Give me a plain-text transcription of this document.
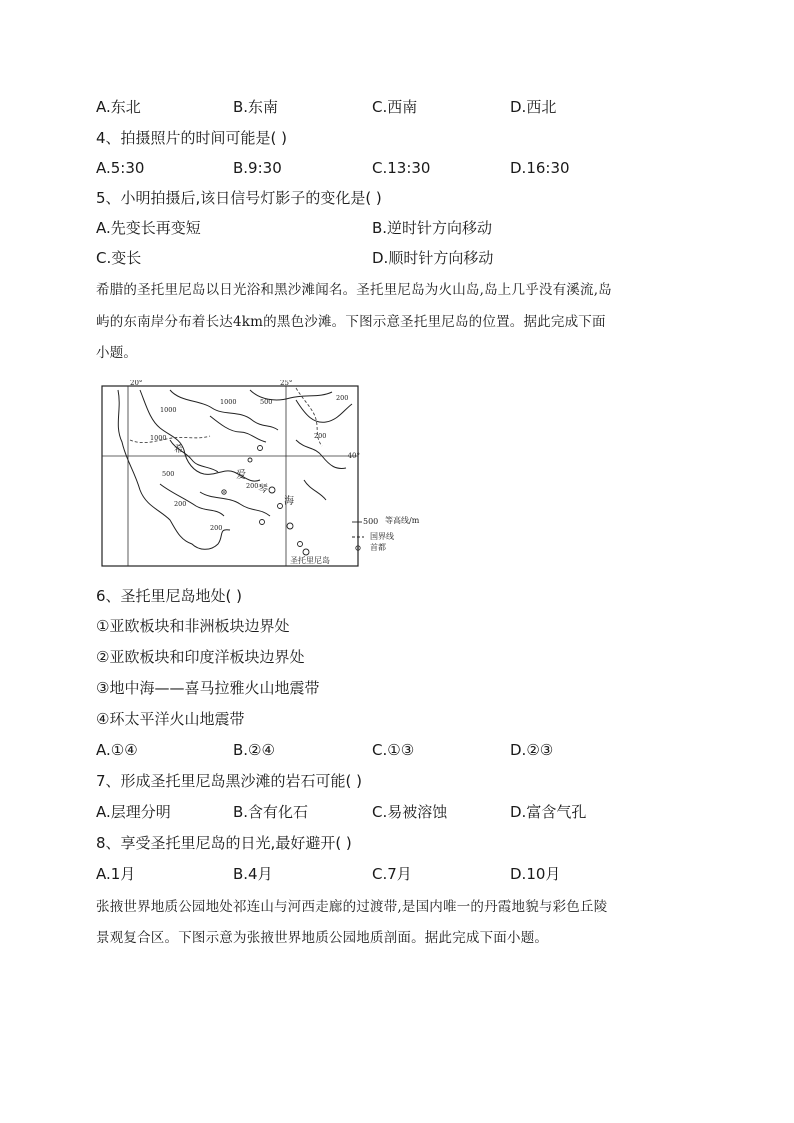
A.东北	B.东南	C.西南	D.西北
4、拍摄照片的时间可能是( )
A.5:30	B.9:30	C.13:30	D.16:30
5、小明拍摄后,该日信号灯影子的变化是( )
A.先变长再变短	B.逆时针方向移动
C.变长	D.顺时针方向移动
希腊的圣托里尼岛以日光浴和黑沙滩闻名。圣托里尼岛为火山岛,岛上几乎没有溪流,岛
屿的东南岸分布着长达4km的黑色沙滩。下图示意圣托里尼岛的位置。据此完成下面
小题。
20°	25°
40°
1000
1000	500	200
1000
500
200
200
200
200
希
爱
琴
海
圣托里尼岛
500 等高线/m
国界线
首都
6、圣托里尼岛地处( )
①亚欧板块和非洲板块边界处
②亚欧板块和印度洋板块边界处
③地中海——喜马拉雅火山地震带
④环太平洋火山地震带
A.①④	B.②④	C.①③	D.②③
7、形成圣托里尼岛黑沙滩的岩石可能( )
A.层理分明	B.含有化石	C.易被溶蚀	D.富含气孔
8、享受圣托里尼岛的日光,最好避开( )
A.1月	B.4月	C.7月	D.10月
张掖世界地质公园地处祁连山与河西走廊的过渡带,是国内唯一的丹霞地貌与彩色丘陵
景观复合区。下图示意为张掖世界地质公园地质剖面。据此完成下面小题。
